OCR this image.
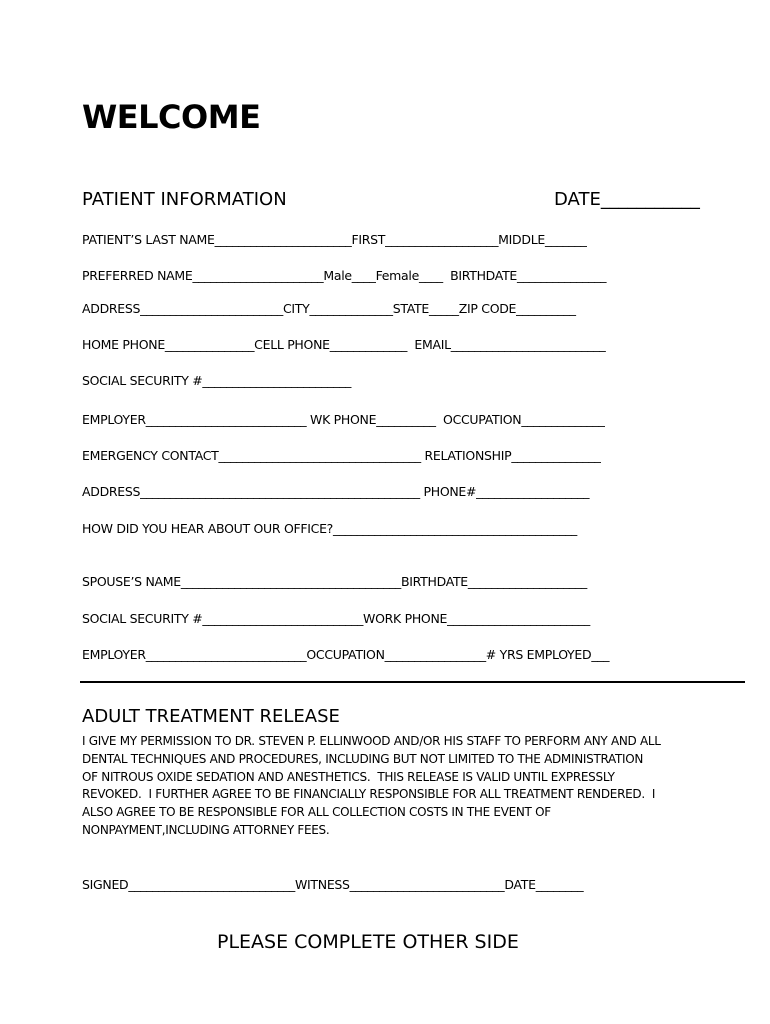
WELCOME
PATIENT INFORMATION	DATE___________
PATIENT’S LAST NAME_______________________FIRST___________________MIDDLE_______
PREFERRED NAME______________________Male____Female____  BIRTHDATE_______________
ADDRESS________________________CITY______________STATE_____ZIP CODE__________
HOME PHONE_______________CELL PHONE_____________  EMAIL__________________________
SOCIAL SECURITY #_________________________
EMPLOYER___________________________ WK PHONE__________  OCCUPATION______________
EMERGENCY CONTACT__________________________________ RELATIONSHIP_______________
ADDRESS_______________________________________________ PHONE#___________________
HOW DID YOU HEAR ABOUT OUR OFFICE?_________________________________________
SPOUSE’S NAME_____________________________________BIRTHDATE____________________
SOCIAL SECURITY #___________________________WORK PHONE________________________
EMPLOYER___________________________OCCUPATION_________________# YRS EMPLOYED___
ADULT TREATMENT RELEASE
I GIVE MY PERMISSION TO DR. STEVEN P. ELLINWOOD AND/OR HIS STAFF TO PERFORM ANY AND ALL
DENTAL TECHNIQUES AND PROCEDURES, INCLUDING BUT NOT LIMITED TO THE ADMINISTRATION
OF NITROUS OXIDE SEDATION AND ANESTHETICS.  THIS RELEASE IS VALID UNTIL EXPRESSLY
REVOKED.  I FURTHER AGREE TO BE FINANCIALLY RESPONSIBLE FOR ALL TREATMENT RENDERED.  I
ALSO AGREE TO BE RESPONSIBLE FOR ALL COLLECTION COSTS IN THE EVENT OF
NONPAYMENT,INCLUDING ATTORNEY FEES.
SIGNED____________________________WITNESS__________________________DATE________
PLEASE COMPLETE OTHER SIDE
